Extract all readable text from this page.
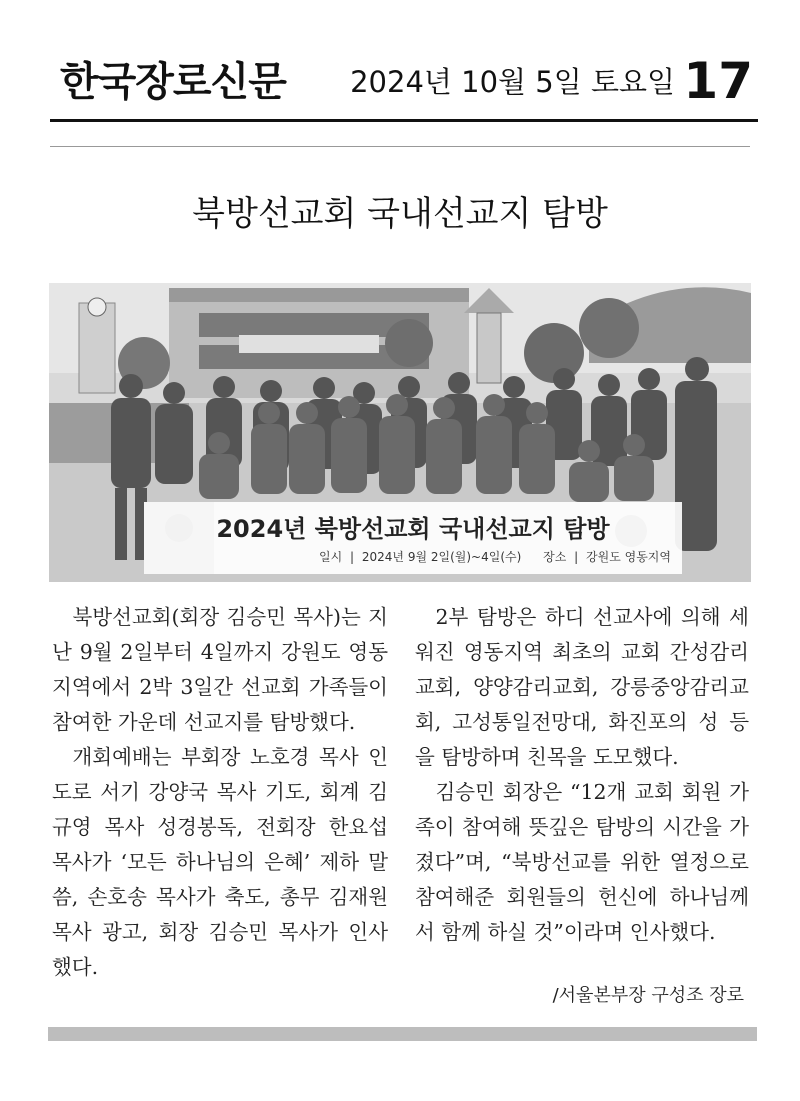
한국장로신문 2024년 10월 5일 토요일 17
북방선교회 국내선교지 탐방
2024년 북방선교회 국내선교지 탐방
일시 | 2024년 9월 2일(월)~4일(수) 장소 | 강원도 영동지역

북방선교회(회장 김승민 목사)는 지난 9월 2일부터 4일까지 강원도 영동지역에서 2박 3일간 선교회 가족들이 참여한 가운데 선교지를 탐방했다.

개회예배는 부회장 노호경 목사 인도로 서기 강양국 목사 기도, 회계 김규영 목사 성경봉독, 전회장 한요섭 목사가 ‘모든 하나님의 은혜’ 제하 말씀, 손호송 목사가 축도, 총무 김재원 목사 광고, 회장 김승민 목사가 인사했다.

2부 탐방은 하디 선교사에 의해 세워진 영동지역 최초의 교회 간성감리교회, 양양감리교회, 강릉중앙감리교회, 고성통일전망대, 화진포의 성 등을 탐방하며 친목을 도모했다.

김승민 회장은 “12개 교회 회원 가족이 참여해 뜻깊은 탐방의 시간을 가졌다”며, “북방선교를 위한 열정으로 참여해준 회원들의 헌신에 하나님께서 함께 하실 것”이라며 인사했다.

/서울본부장 구성조 장로
